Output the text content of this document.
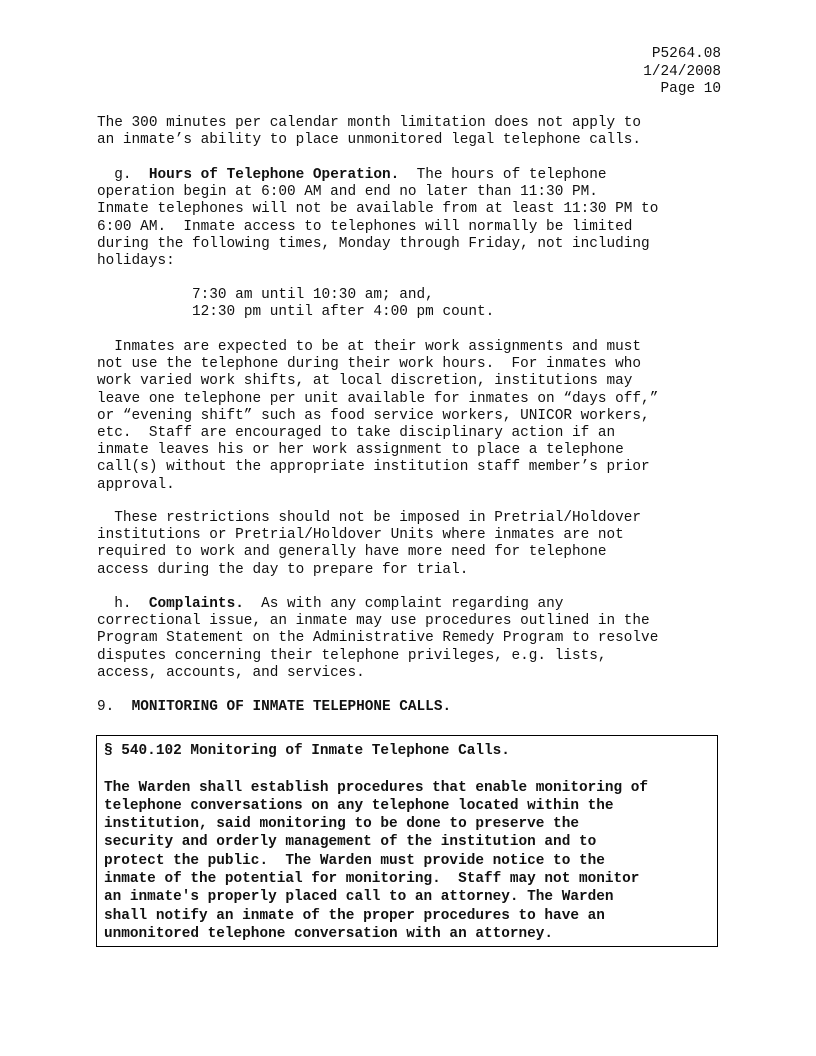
P5264.08
1/24/2008
Page 10

The 300 minutes per calendar month limitation does not apply to
an inmate’s ability to place unmonitored legal telephone calls.

g. Hours of Telephone Operation. The hours of telephone

operation begin at 6:00 AM and end no later than 11:30 PM.
Inmate telephones will not be available from at least 11:30 PM to
6:00 AM.  Inmate access to telephones will normally be limited
during the following times, Monday through Friday, not including
holidays:

7:30 am until 10:30 am; and,
12:30 pm until after 4:00 pm count.

Inmates are expected to be at their work assignments and must
not use the telephone during their work hours.  For inmates who
work varied work shifts, at local discretion, institutions may
leave one telephone per unit available for inmates on “days off,”
or “evening shift” such as food service workers, UNICOR workers,
etc.  Staff are encouraged to take disciplinary action if an
inmate leaves his or her work assignment to place a telephone
call(s) without the appropriate institution staff member’s prior
approval.

These restrictions should not be imposed in Pretrial/Holdover
institutions or Pretrial/Holdover Units where inmates are not
required to work and generally have more need for telephone
access during the day to prepare for trial.

h. Complaints. As with any complaint regarding any

correctional issue, an inmate may use procedures outlined in the
Program Statement on the Administrative Remedy Program to resolve
disputes concerning their telephone privileges, e.g. lists,
access, accounts, and services.

9. MONITORING OF INMATE TELEPHONE CALLS.

§ 540.102 Monitoring of Inmate Telephone Calls.

The Warden shall establish procedures that enable monitoring of
telephone conversations on any telephone located within the
institution, said monitoring to be done to preserve the
security and orderly management of the institution and to
protect the public.  The Warden must provide notice to the
inmate of the potential for monitoring.  Staff may not monitor
an inmate's properly placed call to an attorney. The Warden
shall notify an inmate of the proper procedures to have an
unmonitored telephone conversation with an attorney.
